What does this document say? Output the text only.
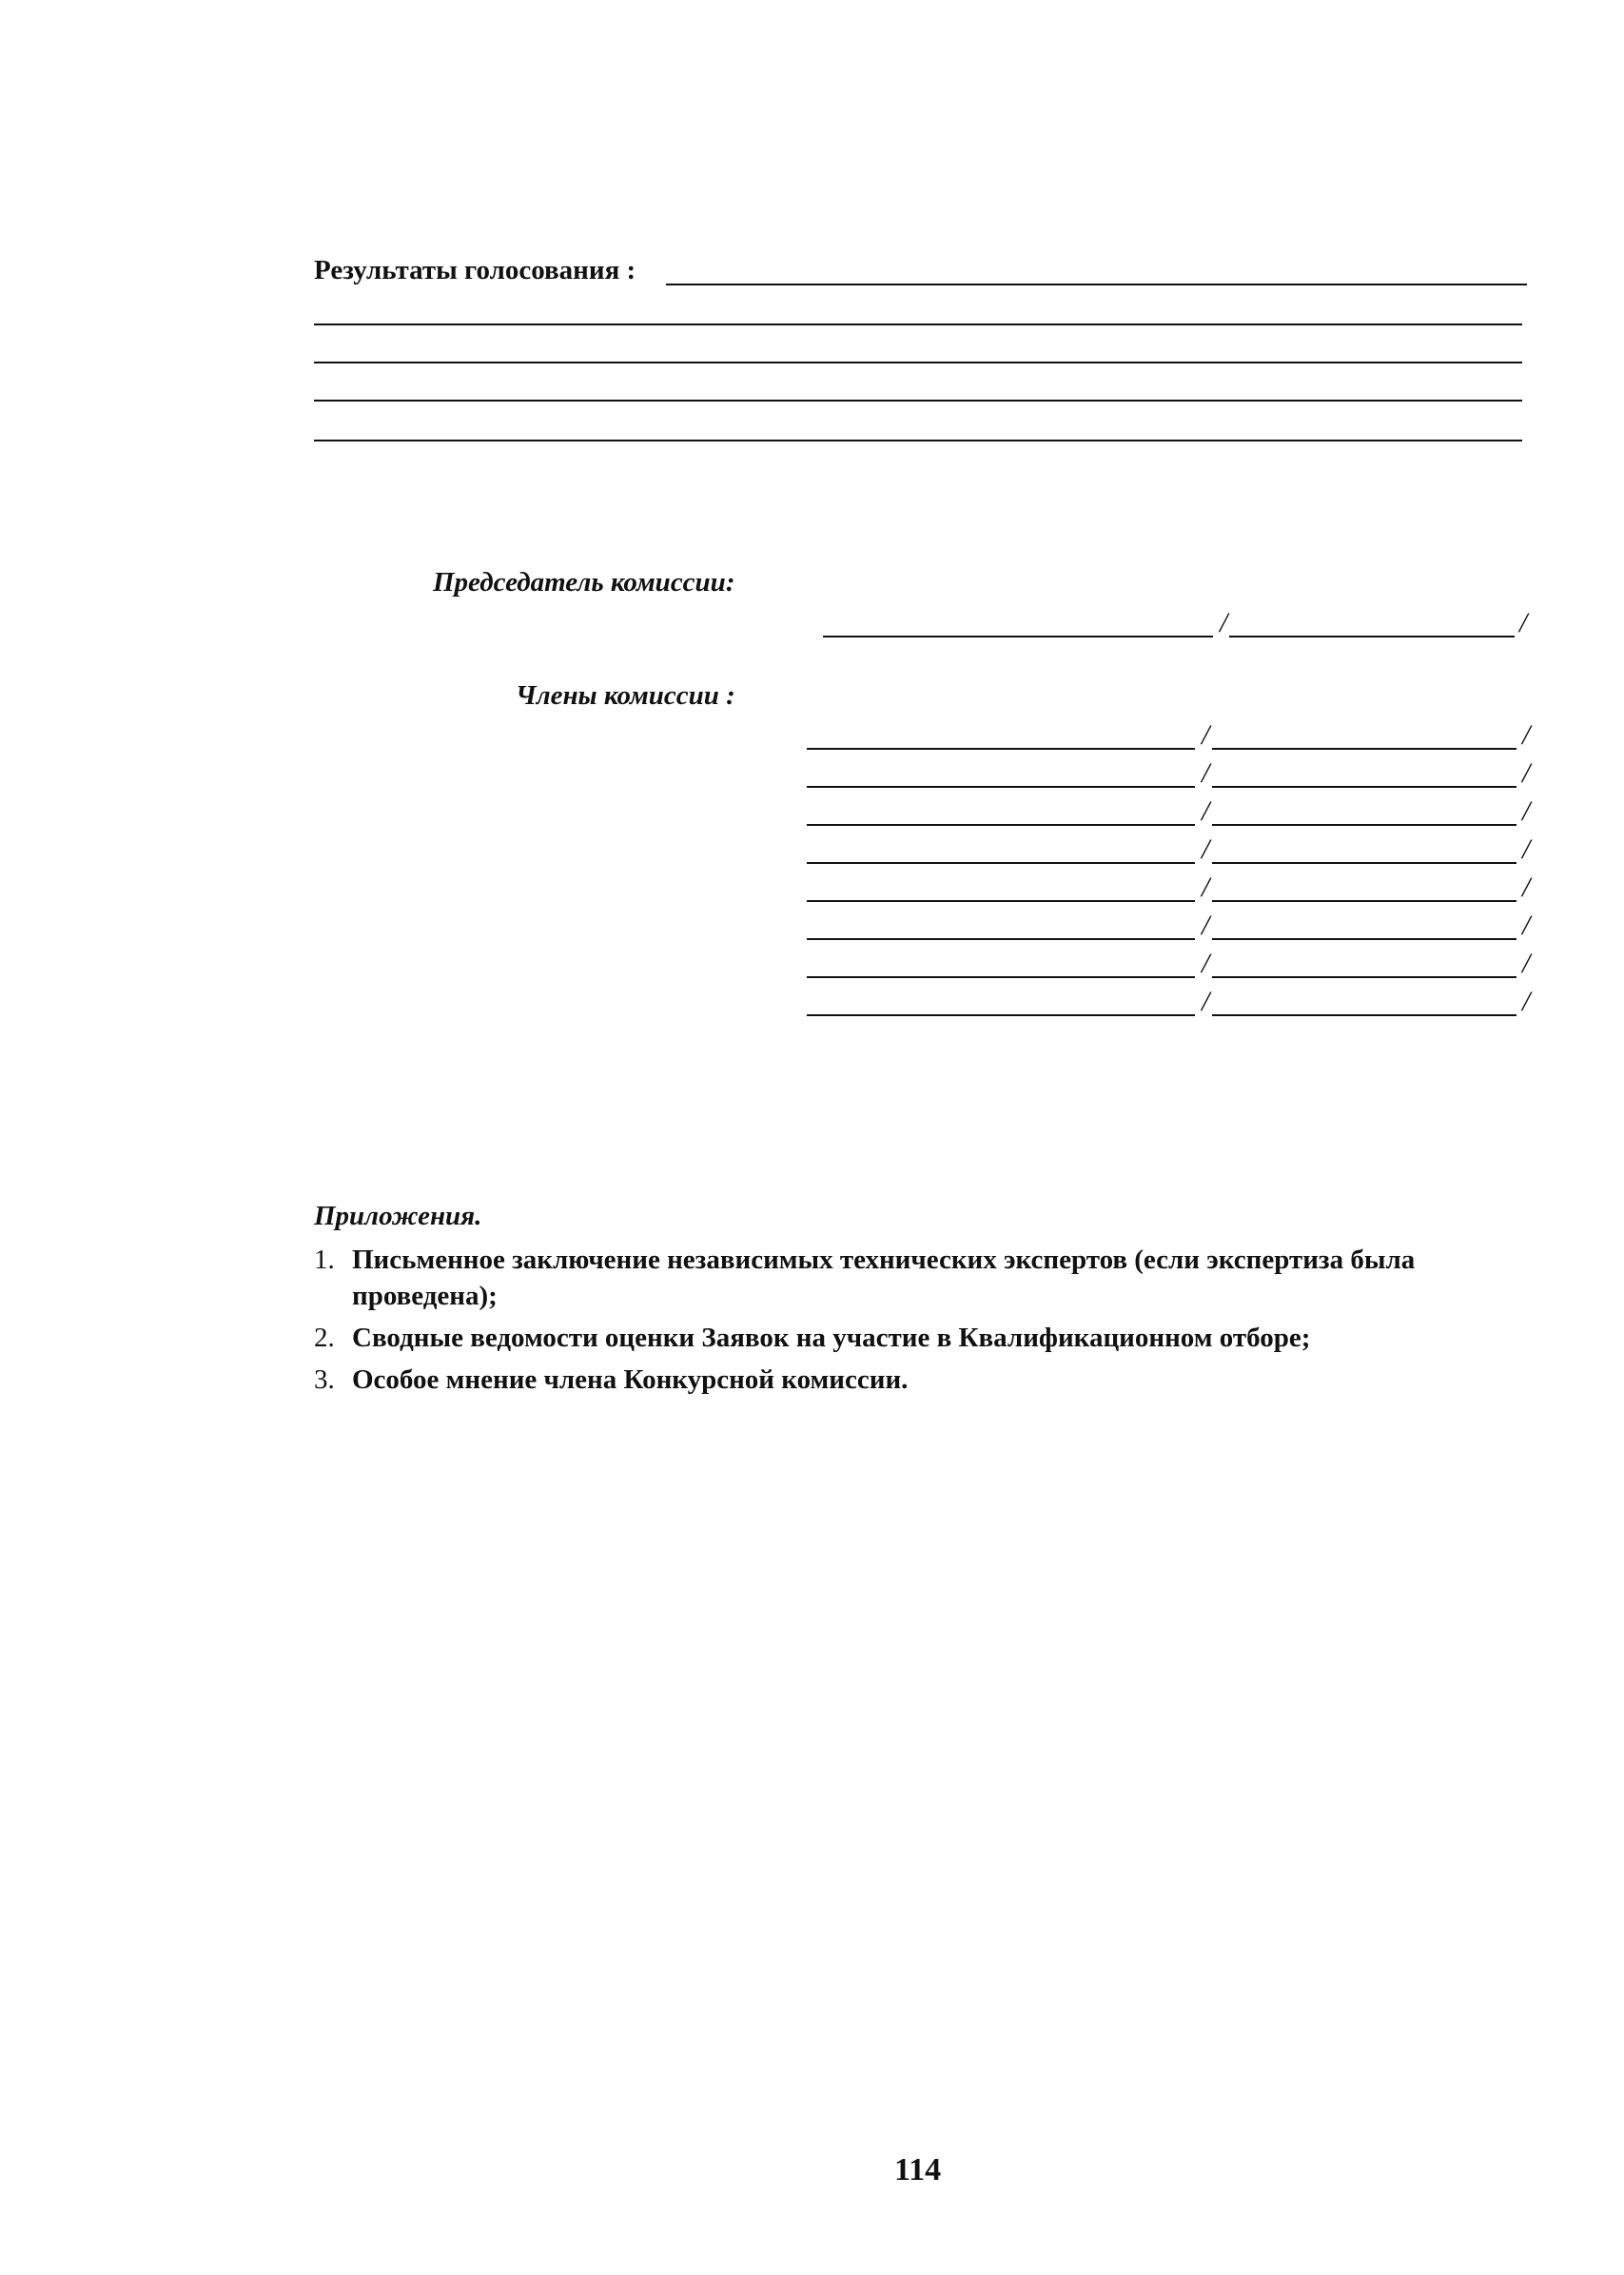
Результаты голосования :
Председатель комиссии:
/	/
Члены комиссии :
/	/
/	/
/	/
/	/
/	/
/	/
/	/
/	/
Приложения.
1. Письменное заключение независимых технических экспертов (если экспертиза была проведена);
2. Сводные ведомости оценки Заявок на участие в Квалификационном отборе;
3. Особое мнение члена Конкурсной комиссии.
114
